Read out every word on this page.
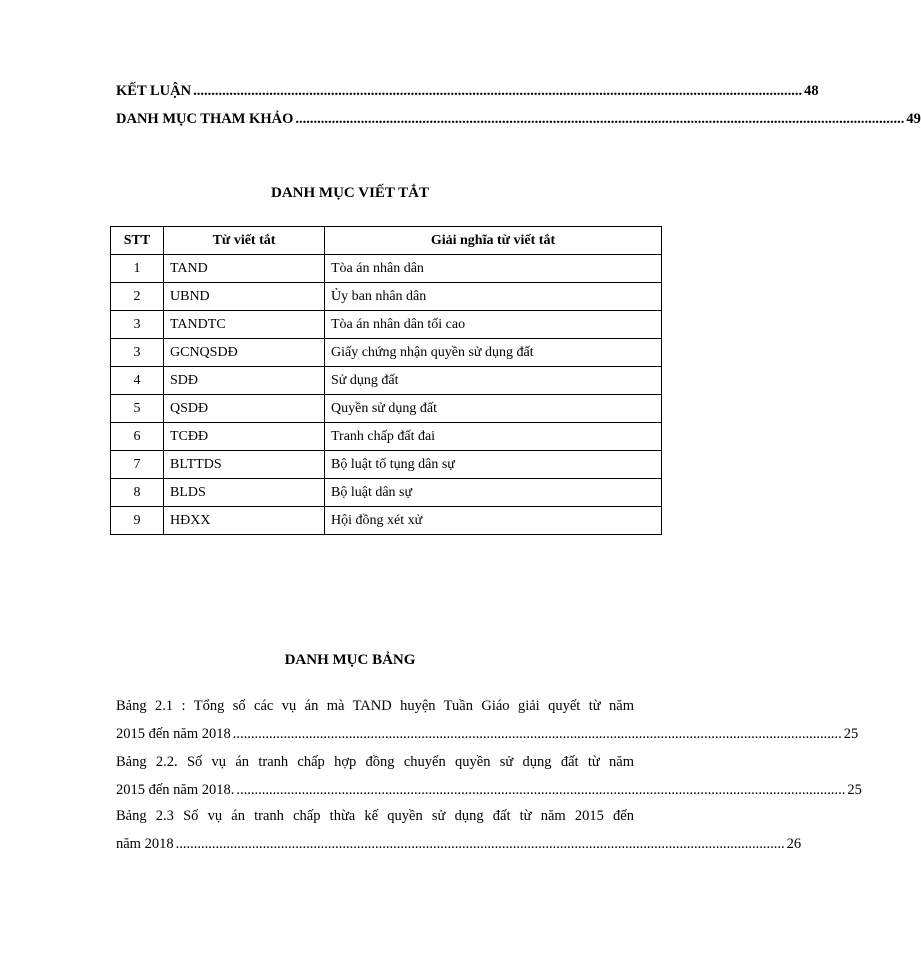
KẾT LUẬN ........................................................................................................................................................................ 48
DANH MỤC THAM KHẢO ........................................................................................................................................................................ 49
DANH MỤC VIẾT TẮT
STT	Từ viết tắt	Giải nghĩa từ viết tắt
1	TAND	Tòa án nhân dân
2	UBND	Ủy ban nhân dân
3	TANDTC	Tòa án nhân dân tối cao
3	GCNQSDĐ	Giấy chứng nhận quyền sử dụng đất
4	SDĐ	Sử dụng đất
5	QSDĐ	Quyền sử dụng đất
6	TCĐĐ	Tranh chấp đất đai
7	BLTTDS	Bộ luật tố tụng dân sự
8	BLDS	Bộ luật dân sự
9	HĐXX	Hội đồng xét xử
DANH MỤC BẢNG
Bảng 2.1 : Tổng số các vụ án mà TAND huyện Tuần Giáo giải quyết từ năm
2015 đến năm 2018 ........................................................................................................................................................................ 25
Bảng 2.2. Số vụ án tranh chấp hợp đồng chuyển quyền sử dụng đất từ năm
2015 đến năm 2018. ........................................................................................................................................................................ 25
Bảng 2.3 Số vụ án tranh chấp thừa kế quyền sử dụng đất từ năm 2015 đến
năm 2018 ........................................................................................................................................................................ 26
